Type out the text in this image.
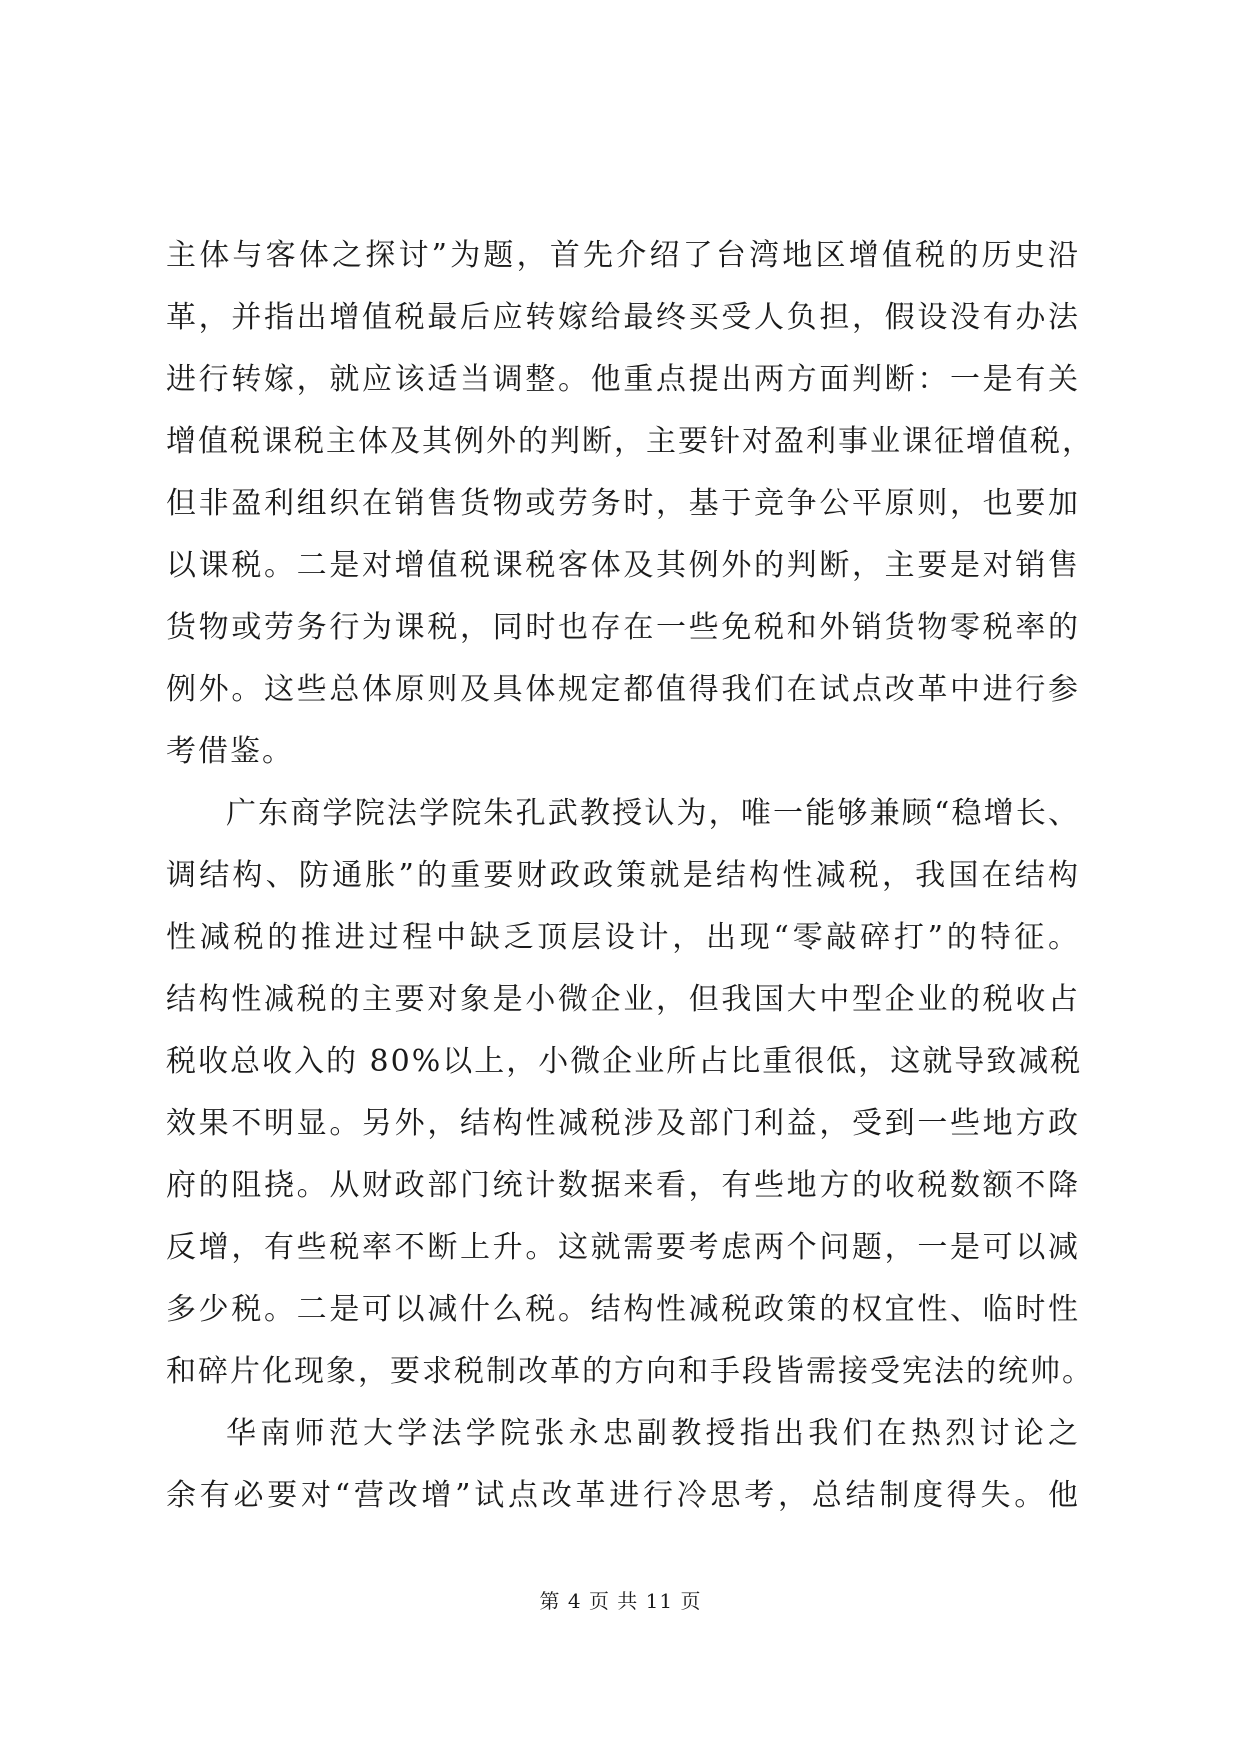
主体与客体之探讨”为题，首先介绍了台湾地区增值税的历史沿
革，并指出增值税最后应转嫁给最终买受人负担，假设没有办法
进行转嫁，就应该适当调整。他重点提出两方面判断：一是有关
增值税课税主体及其例外的判断，主要针对盈利事业课征增值税，
但非盈利组织在销售货物或劳务时，基于竞争公平原则，也要加
以课税。二是对增值税课税客体及其例外的判断，主要是对销售
货物或劳务行为课税，同时也存在一些免税和外销货物零税率的
例外。这些总体原则及具体规定都值得我们在试点改革中进行参
考借鉴。
广东商学院法学院朱孔武教授认为，唯一能够兼顾“稳增长、
调结构、防通胀”的重要财政政策就是结构性减税，我国在结构
性减税的推进过程中缺乏顶层设计，出现“零敲碎打”的特征。
结构性减税的主要对象是小微企业，但我国大中型企业的税收占
税收总收入的 80%以上，小微企业所占比重很低，这就导致减税
效果不明显。另外，结构性减税涉及部门利益，受到一些地方政
府的阻挠。从财政部门统计数据来看，有些地方的收税数额不降
反增，有些税率不断上升。这就需要考虑两个问题，一是可以减
多少税。二是可以减什么税。结构性减税政策的权宜性、临时性
和碎片化现象，要求税制改革的方向和手段皆需接受宪法的统帅。
华南师范大学法学院张永忠副教授指出我们在热烈讨论之
余有必要对“营改增”试点改革进行冷思考，总结制度得失。他
第 4 页 共 11 页
